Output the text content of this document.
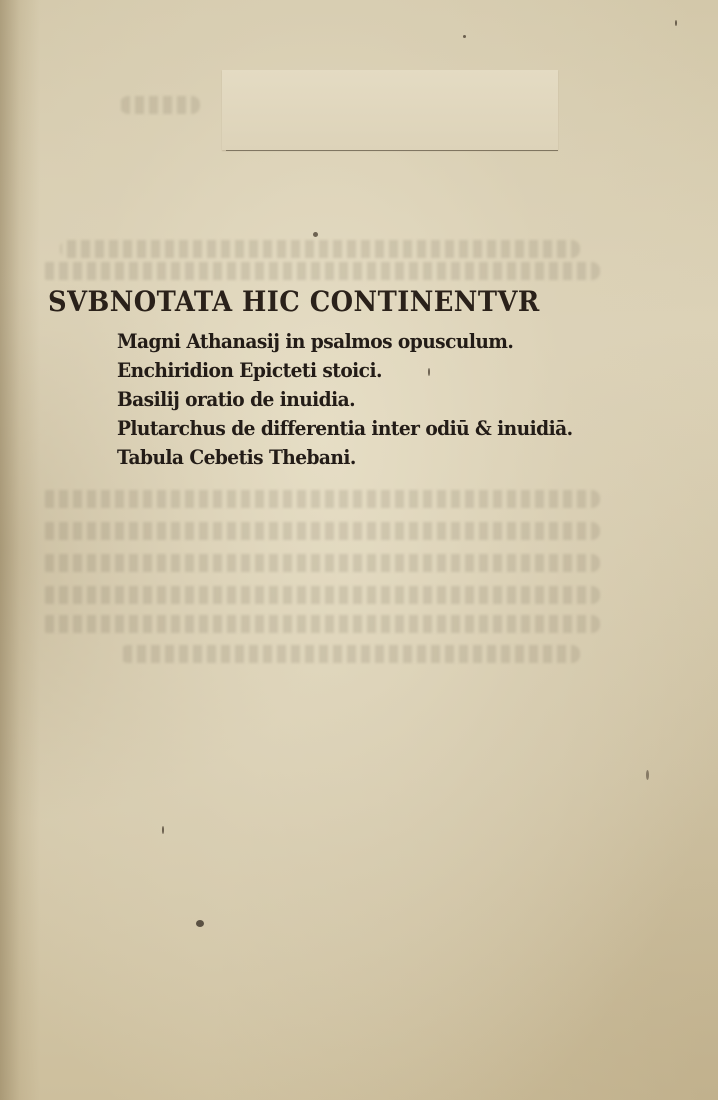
SVBNOTATA HIC CONTINENTVR
Magni Athanasij in psalmos opusculum.
Enchiridion Epicteti stoici.
Basilij oratio de inuidia.
Plutarchus de differentia inter odiū & inuidiā.
Tabula Cebetis Thebani.
